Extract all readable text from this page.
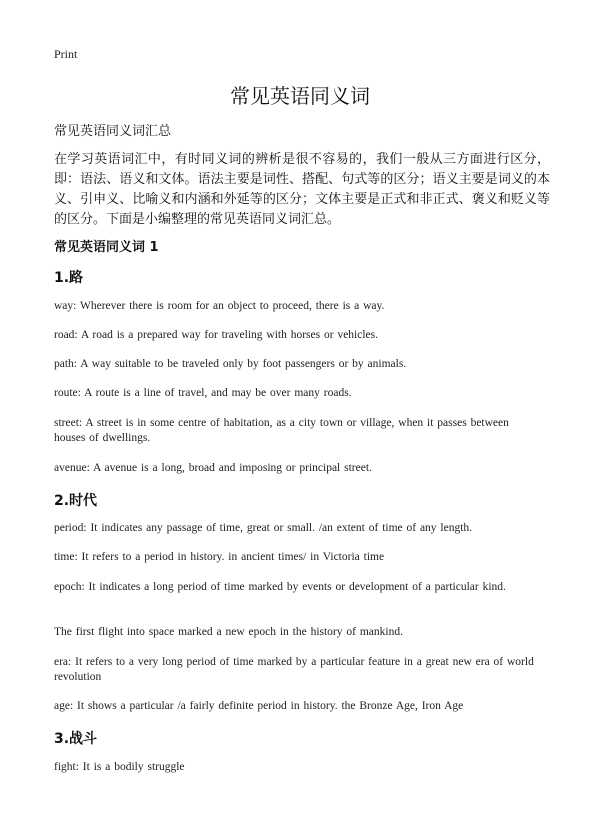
Print
常见英语同义词
常见英语同义词汇总
在学习英语词汇中，有时同义词的辨析是很不容易的，我们一般从三方面进行区分，即：语法、语义和文体。语法主要是词性、搭配、句式等的区分；语义主要是词义的本义、引申义、比喻义和内涵和外延等的区分；文体主要是正式和非正式、褒义和贬义等的区分。下面是小编整理的常见英语同义词汇总。
常见英语同义词 1
1.路
way: Wherever there is room for an object to proceed, there is a way.
road: A road is a prepared way for traveling with horses or vehicles.
path: A way suitable to be traveled only by foot passengers or by animals.
route: A route is a line of travel, and may be over many roads.
street: A street is in some centre of habitation, as a city town or village, when it passes between houses of dwellings.
avenue: A avenue is a long, broad and imposing or principal street.
2.时代
period: It indicates any passage of time, great or small. /an extent of time of any length.
time: It refers to a period in history. in ancient times/ in Victoria time
epoch: It indicates a long period of time marked by events or development of a particular kind.
The first flight into space marked a new epoch in the history of mankind.
era: It refers to a very long period of time marked by a particular feature in a great new era of world revolution
age: It shows a particular /a fairly definite period in history. the Bronze Age, Iron Age
3.战斗
fight: It is a bodily struggle
